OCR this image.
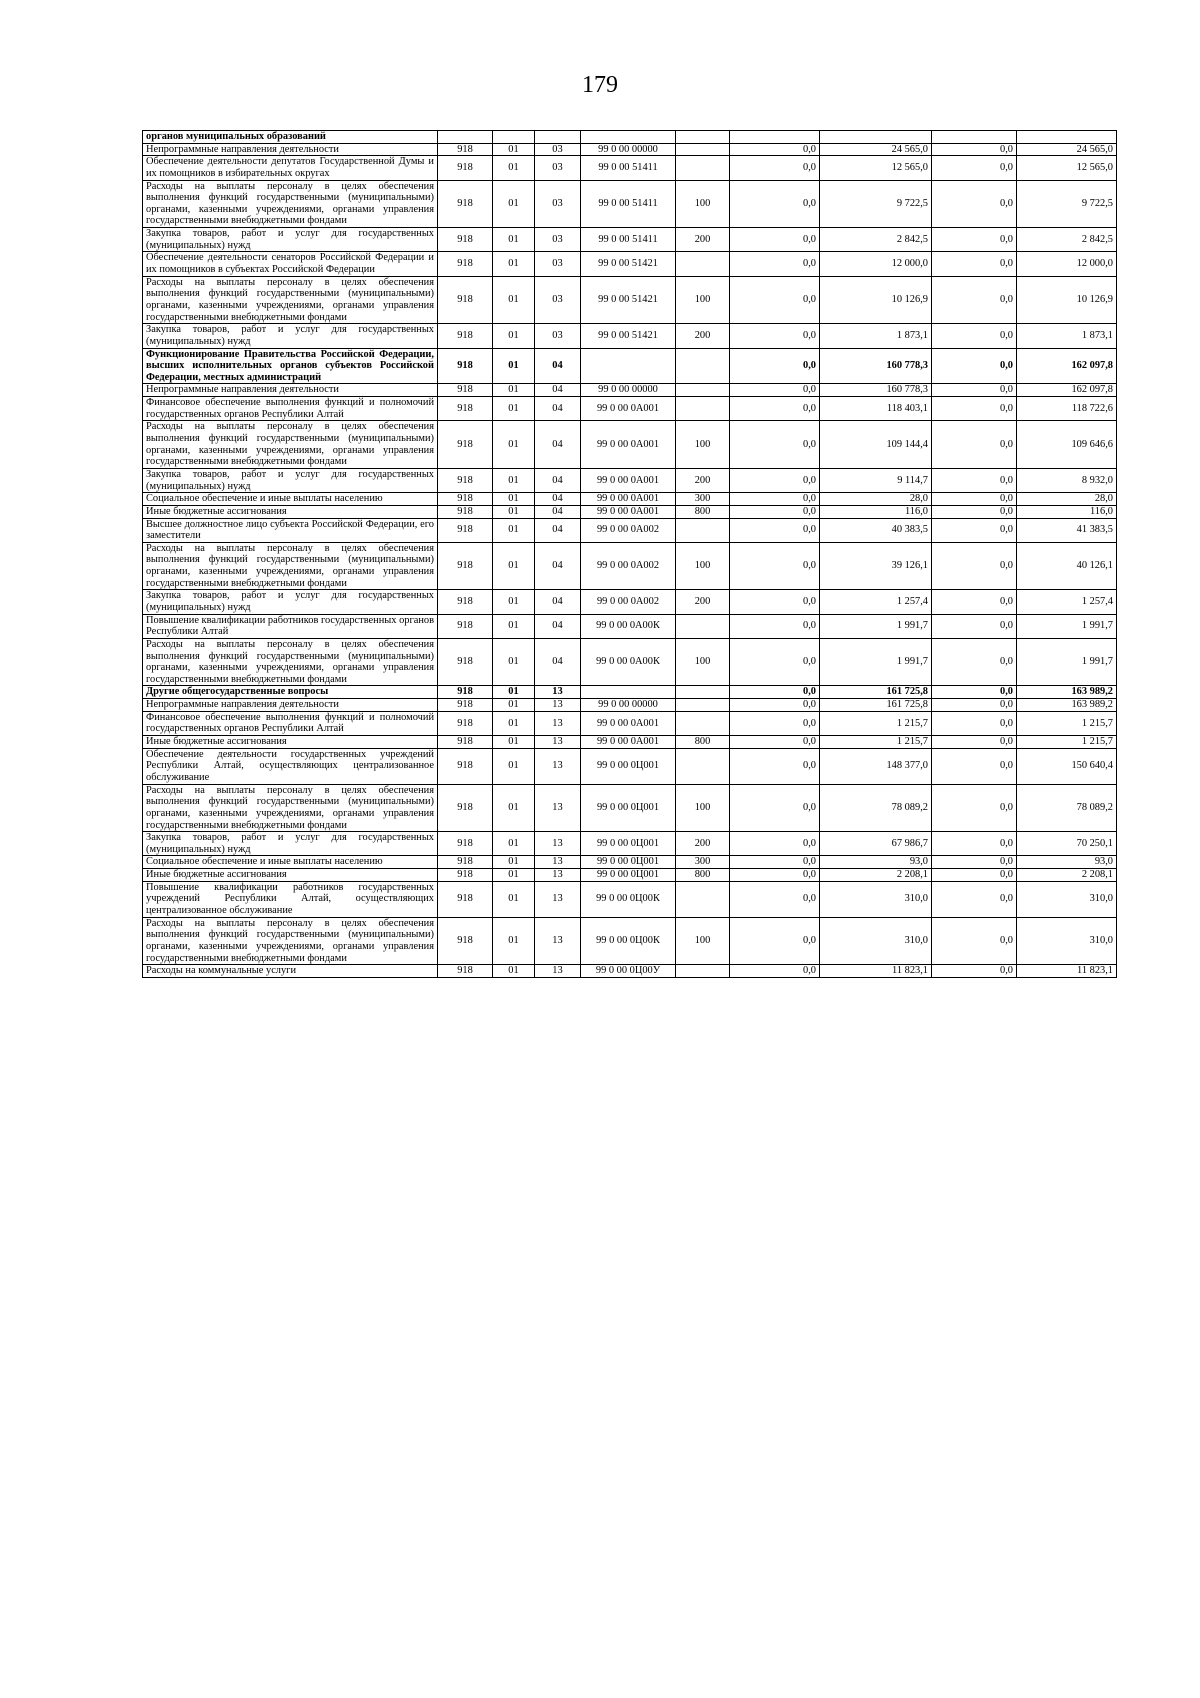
179
органов муниципальных образований									
Непрограммные направления деятельности	918	01	03	99 0 00 00000		0,0	24 565,0	0,0	24 565,0
Обеспечение деятельности депутатов Государственной Думы и их помощников в избирательных округах	918	01	03	99 0 00 51411		0,0	12 565,0	0,0	12 565,0
Расходы на выплаты персоналу в целях обеспечения выполнения функций государственными (муниципальными) органами, казенными учреждениями, органами управления государственными внебюджетными фондами	918	01	03	99 0 00 51411	100	0,0	9 722,5	0,0	9 722,5
Закупка товаров, работ и услуг для государственных (муниципальных) нужд	918	01	03	99 0 00 51411	200	0,0	2 842,5	0,0	2 842,5
Обеспечение деятельности сенаторов Российской Федерации и их помощников в субъектах Российской Федерации	918	01	03	99 0 00 51421		0,0	12 000,0	0,0	12 000,0
Расходы на выплаты персоналу в целях обеспечения выполнения функций государственными (муниципальными) органами, казенными учреждениями, органами управления государственными внебюджетными фондами	918	01	03	99 0 00 51421	100	0,0	10 126,9	0,0	10 126,9
Закупка товаров, работ и услуг для государственных (муниципальных) нужд	918	01	03	99 0 00 51421	200	0,0	1 873,1	0,0	1 873,1
Функционирование Правительства Российской Федерации, высших исполнительных органов субъектов Российской Федерации, местных администраций	918	01	04			0,0	160 778,3	0,0	162 097,8
Непрограммные направления деятельности	918	01	04	99 0 00 00000		0,0	160 778,3	0,0	162 097,8
Финансовое обеспечение выполнения функций и полномочий государственных органов Республики Алтай	918	01	04	99 0 00 0А001		0,0	118 403,1	0,0	118 722,6
Расходы на выплаты персоналу в целях обеспечения выполнения функций государственными (муниципальными) органами, казенными учреждениями, органами управления государственными внебюджетными фондами	918	01	04	99 0 00 0А001	100	0,0	109 144,4	0,0	109 646,6
Закупка товаров, работ и услуг для государственных (муниципальных) нужд	918	01	04	99 0 00 0А001	200	0,0	9 114,7	0,0	8 932,0
Социальное обеспечение и иные выплаты населению	918	01	04	99 0 00 0А001	300	0,0	28,0	0,0	28,0
Иные бюджетные ассигнования	918	01	04	99 0 00 0А001	800	0,0	116,0	0,0	116,0
Высшее должностное лицо субъекта Российской Федерации, его заместители	918	01	04	99 0 00 0А002		0,0	40 383,5	0,0	41 383,5
Расходы на выплаты персоналу в целях обеспечения выполнения функций государственными (муниципальными) органами, казенными учреждениями, органами управления государственными внебюджетными фондами	918	01	04	99 0 00 0А002	100	0,0	39 126,1	0,0	40 126,1
Закупка товаров, работ и услуг для государственных (муниципальных) нужд	918	01	04	99 0 00 0А002	200	0,0	1 257,4	0,0	1 257,4
Повышение квалификации работников государственных органов Республики Алтай	918	01	04	99 0 00 0А00К		0,0	1 991,7	0,0	1 991,7
Расходы на выплаты персоналу в целях обеспечения выполнения функций государственными (муниципальными) органами, казенными учреждениями, органами управления государственными внебюджетными фондами	918	01	04	99 0 00 0А00К	100	0,0	1 991,7	0,0	1 991,7
Другие общегосударственные вопросы	918	01	13			0,0	161 725,8	0,0	163 989,2
Непрограммные направления деятельности	918	01	13	99 0 00 00000		0,0	161 725,8	0,0	163 989,2
Финансовое обеспечение выполнения функций и полномочий государственных органов Республики Алтай	918	01	13	99 0 00 0А001		0,0	1 215,7	0,0	1 215,7
Иные бюджетные ассигнования	918	01	13	99 0 00 0А001	800	0,0	1 215,7	0,0	1 215,7
Обеспечение деятельности государственных учреждений Республики Алтай, осуществляющих централизованное обслуживание	918	01	13	99 0 00 0Ц001		0,0	148 377,0	0,0	150 640,4
Расходы на выплаты персоналу в целях обеспечения выполнения функций государственными (муниципальными) органами, казенными учреждениями, органами управления государственными внебюджетными фондами	918	01	13	99 0 00 0Ц001	100	0,0	78 089,2	0,0	78 089,2
Закупка товаров, работ и услуг для государственных (муниципальных) нужд	918	01	13	99 0 00 0Ц001	200	0,0	67 986,7	0,0	70 250,1
Социальное обеспечение и иные выплаты населению	918	01	13	99 0 00 0Ц001	300	0,0	93,0	0,0	93,0
Иные бюджетные ассигнования	918	01	13	99 0 00 0Ц001	800	0,0	2 208,1	0,0	2 208,1
Повышение квалификации работников государственных учреждений Республики Алтай, осуществляющих централизованное обслуживание	918	01	13	99 0 00 0Ц00К		0,0	310,0	0,0	310,0
Расходы на выплаты персоналу в целях обеспечения выполнения функций государственными (муниципальными) органами, казенными учреждениями, органами управления государственными внебюджетными фондами	918	01	13	99 0 00 0Ц00К	100	0,0	310,0	0,0	310,0
Расходы на коммунальные услуги	918	01	13	99 0 00 0Ц00У		0,0	11 823,1	0,0	11 823,1
